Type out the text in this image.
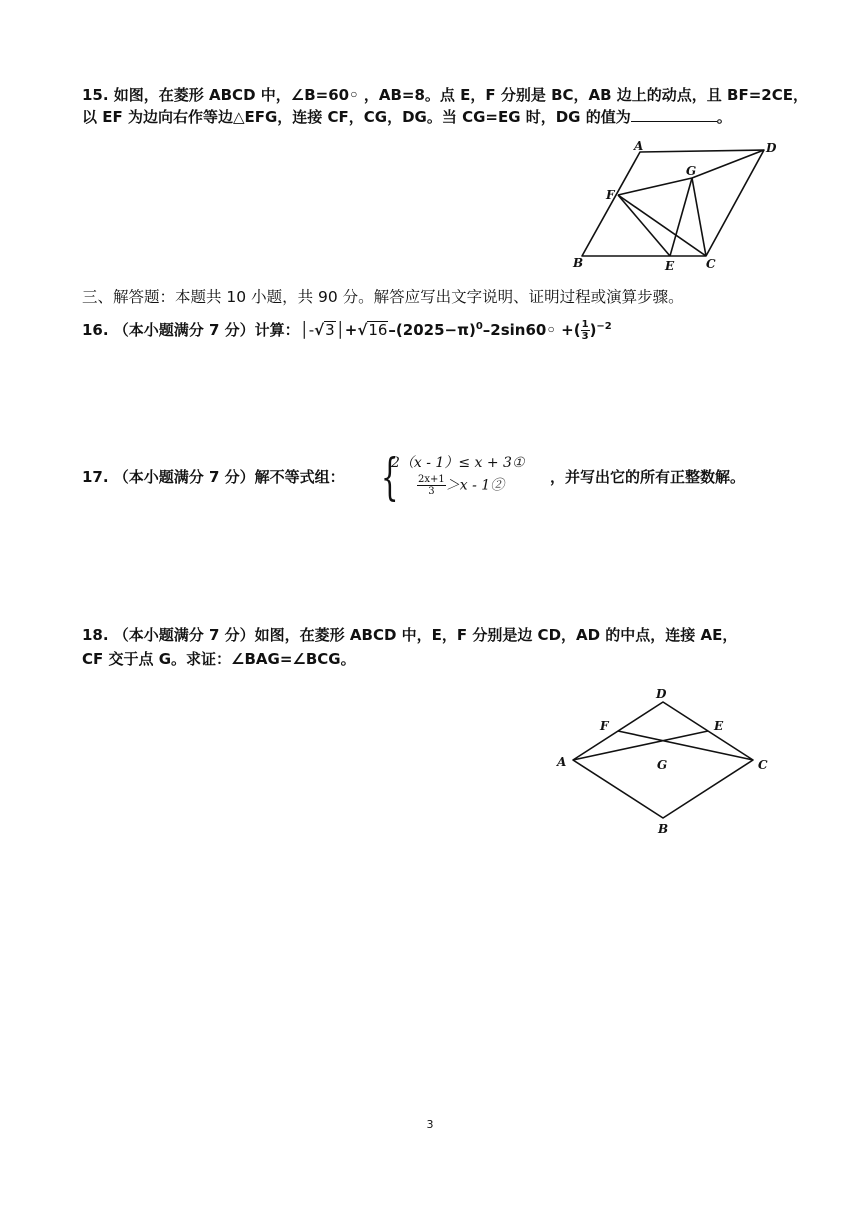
15. 如图，在菱形 ABCD 中，∠B=60◦ ，AB=8。点 E，F 分别是 BC，AB 边上的动点，且 BF=2CE，
以 EF 为边向右作等边△EFG，连接 CF，CG，DG。当 CG=EG 时，DG 的值为	。
A	D
G
F
B	E	C
三、解答题：本题共 10 小题，共 90 分。解答应写出文字说明、证明过程或演算步骤。
16. （本小题满分 7 分）计算：$│-√3│+√16-(2025-\pi)^0-2\sin 60◦$ +( $\frac{1}{3} )^{-2}$
17. （本小题满分 7 分）解不等式组： {
2（x - 1）≤ x + 3①
$\frac{2x+1}{3} >x$ - 1②	，并写出它的所有正整数解。
18. （本小题满分 7 分）如图，在菱形 ABCD 中，E，F 分别是边 CD，AD 的中点，连接 AE，
CF 交于点 G。求证：∠BAG=∠BCG。
D
F	E
A	G	C
B
3
